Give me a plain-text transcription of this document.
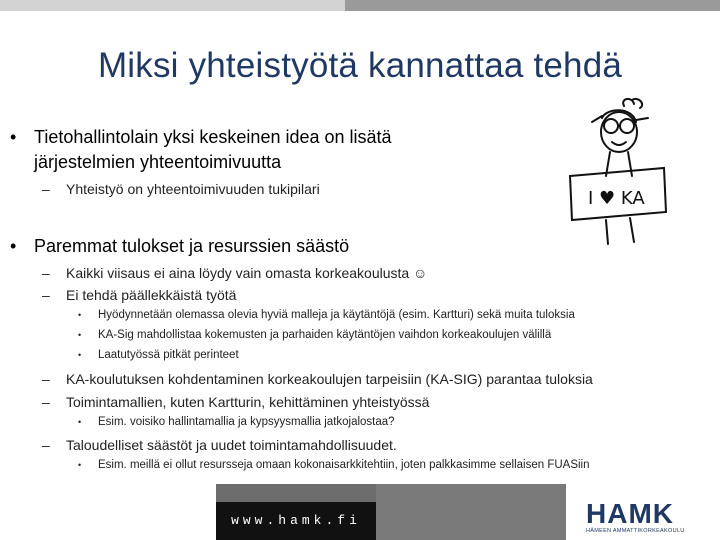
Miksi yhteistyötä kannattaa tehdä
• Tietohallintolain yksi keskeinen idea on lisätä
järjestelmien yhteentoimivuutta
– Yhteistyö on yhteentoimivuuden tukipilari
• Paremmat tulokset ja resurssien säästö
– Kaikki viisaus ei aina löydy vain omasta korkeakoulusta ☺
– Ei tehdä päällekkäistä työtä
• Hyödynnetään olemassa olevia hyviä malleja ja käytäntöjä (esim. Kartturi) sekä muita tuloksia
• KA-Sig mahdollistaa kokemusten ja parhaiden käytäntöjen vaihdon korkeakoulujen välillä
• Laatutyössä pitkät perinteet
– KA-koulutuksen kohdentaminen korkeakoulujen tarpeisiin (KA-SIG) parantaa tuloksia
– Toimintamallien, kuten Kartturin, kehittäminen yhteistyössä
• Esim. voisiko hallintamallia ja kypsyysmallia jatkojalostaa?
– Taloudelliset säästöt ja uudet toimintamahdollisuudet.
• Esim. meillä ei ollut resursseja omaan kokonaisarkkitehtiin, joten palkkasimme sellaisen FUASiin
I ♥ KA
www.hamk.fi	HAMK
HÄMEEN AMMATTIKORKEAKOULU
